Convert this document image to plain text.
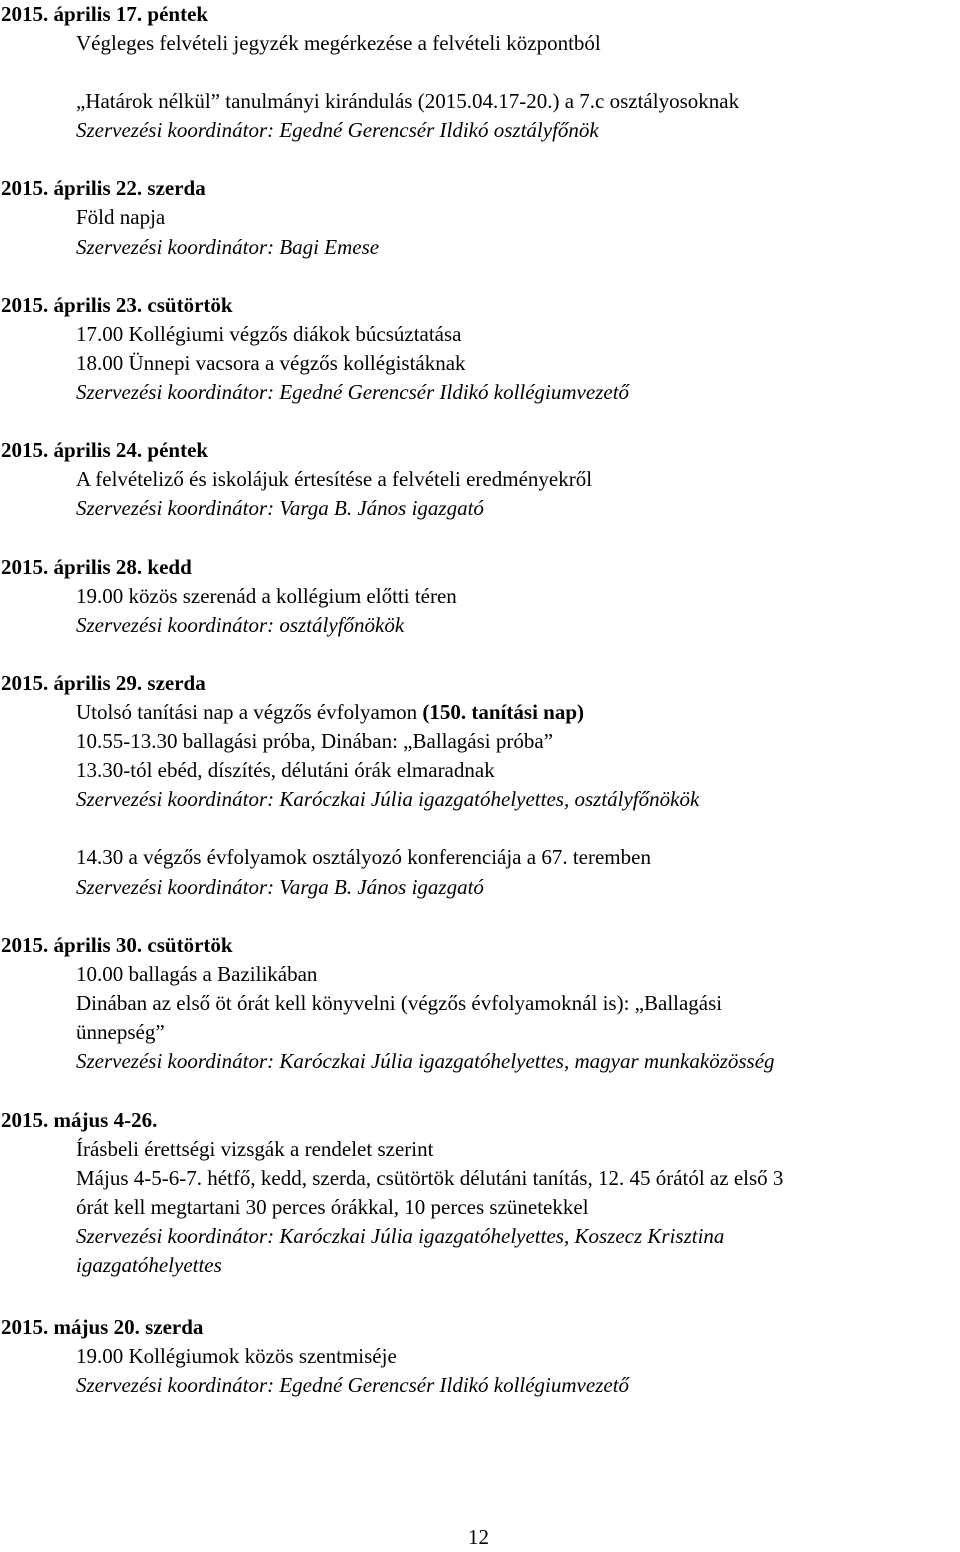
2015. április 17. péntek
Végleges felvételi jegyzék megérkezése a felvételi központból
„Határok nélkül” tanulmányi kirándulás (2015.04.17-20.) a 7.c osztályosoknak
Szervezési koordinátor: Egedné Gerencsér Ildikó osztályfőnök
2015. április 22. szerda
Föld napja
Szervezési koordinátor: Bagi Emese
2015. április 23. csütörtök
17.00 Kollégiumi végzős diákok búcsúztatása
18.00 Ünnepi vacsora a végzős kollégistáknak
Szervezési koordinátor: Egedné Gerencsér Ildikó kollégiumvezető
2015. április 24. péntek
A felvételiző és iskolájuk értesítése a felvételi eredményekről
Szervezési koordinátor: Varga B. János igazgató
2015. április 28. kedd
19.00 közös szerenád a kollégium előtti téren
Szervezési koordinátor: osztályfőnökök
2015. április 29. szerda
Utolsó tanítási nap a végzős évfolyamon (150. tanítási nap)
10.55-13.30 ballagási próba, Dinában: „Ballagási próba”
13.30-tól ebéd, díszítés, délutáni órák elmaradnak
Szervezési koordinátor: Karóczkai Júlia igazgatóhelyettes, osztályfőnökök
14.30 a végzős évfolyamok osztályozó konferenciája a 67. teremben
Szervezési koordinátor: Varga B. János igazgató
2015. április 30. csütörtök
10.00 ballagás a Bazilikában
Dinában az első öt órát kell könyvelni (végzős évfolyamoknál is): „Ballagási
ünnepség”
Szervezési koordinátor: Karóczkai Júlia igazgatóhelyettes, magyar munkaközösség
2015. május 4-26.
Írásbeli érettségi vizsgák a rendelet szerint
Május 4-5-6-7. hétfő, kedd, szerda, csütörtök délutáni tanítás, 12. 45 órától az első 3
órát kell megtartani 30 perces órákkal, 10 perces szünetekkel
Szervezési koordinátor: Karóczkai Júlia igazgatóhelyettes, Koszecz Krisztina
igazgatóhelyettes
2015. május 20. szerda
19.00 Kollégiumok közös szentmiséje
Szervezési koordinátor: Egedné Gerencsér Ildikó kollégiumvezető
12
